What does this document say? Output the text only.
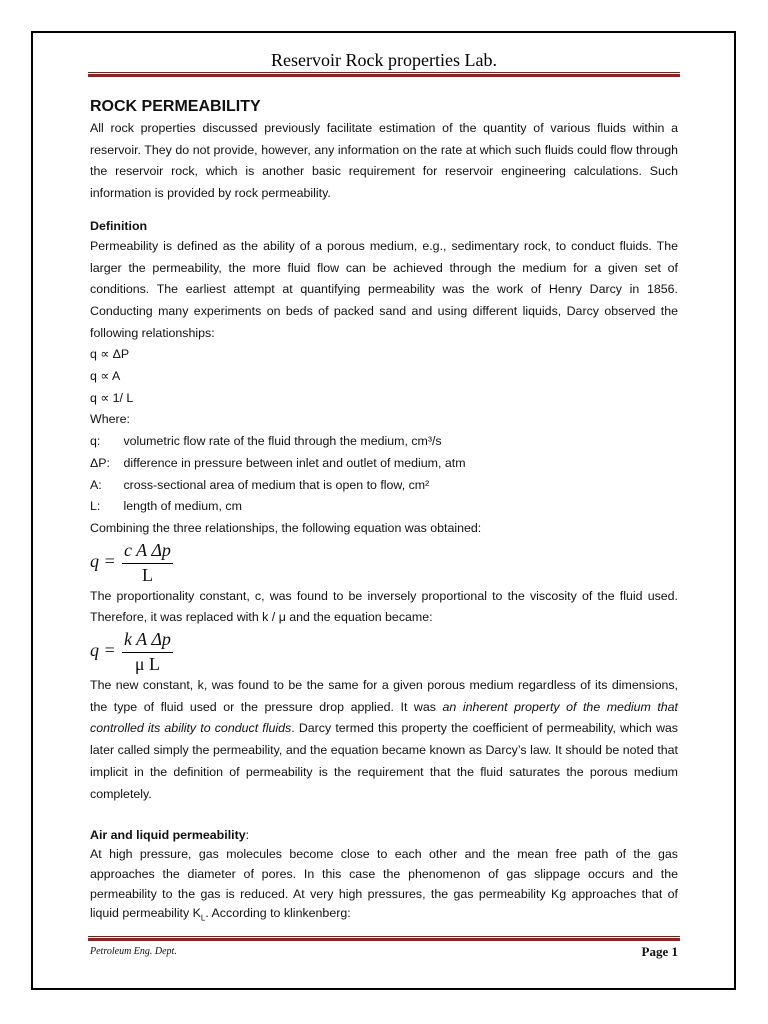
Reservoir Rock properties Lab.
ROCK PERMEABILITY

All rock properties discussed previously facilitate estimation of the quantity of various fluids within a reservoir. They do not provide, however, any information on the rate at which such fluids could flow through the reservoir rock, which is another basic requirement for reservoir engineering calculations. Such information is provided by rock permeability.

Definition

Permeability is defined as the ability of a porous medium, e.g., sedimentary rock, to conduct fluids. The larger the permeability, the more fluid flow can be achieved through the medium for a given set of conditions. The earliest attempt at quantifying permeability was the work of Henry Darcy in 1856. Conducting many experiments on beds of packed sand and using different liquids, Darcy observed the following relationships:

q ∝ ΔP
q ∝ A
q ∝ 1/ L
Where:
q: volumetric flow rate of the fluid through the medium, cm³/s
ΔP: difference in pressure between inlet and outlet of medium, atm
A: cross-sectional area of medium that is open to flow, cm²
L: length of medium, cm
Combining the three relationships, the following equation was obtained:
q =
c A Δp
L

The proportionality constant, c, was found to be inversely proportional to the viscosity of the fluid used. Therefore, it was replaced with k / μ and the equation became:

q =
k A Δp
μ L

The new constant, k, was found to be the same for a given porous medium regardless of its dimensions, the type of fluid used or the pressure drop applied. It was an inherent property of the medium that controlled its ability to conduct fluids. Darcy termed this property the coefficient of permeability, which was later called simply the permeability, and the equation became known as Darcy’s law. It should be noted that implicit in the definition of permeability is the requirement that the fluid saturates the porous medium completely.

Air and liquid permeability:

At high pressure, gas molecules become close to each other and the mean free path of the gas approaches the diameter of pores. In this case the phenomenon of gas slippage occurs and the permeability to the gas is reduced. At very high pressures, the gas permeability Kg approaches that of liquid permeability $K_L$. According to klinkenberg:

Petroleum Eng. Dept.	Page 1
